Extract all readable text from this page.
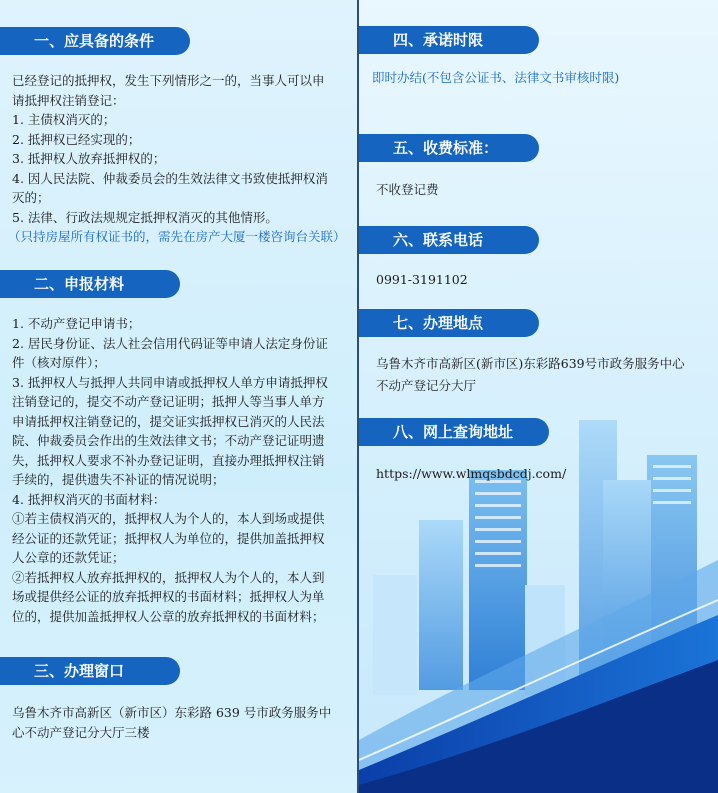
一、应具备的条件

已经登记的抵押权，发生下列情形之一的，当事人可以申

请抵押权注销登记：

1. 主债权消灭的；

2. 抵押权已经实现的；

3. 抵押权人放弃抵押权的；

4. 因人民法院、仲裁委员会的生效法律文书致使抵押权消

灭的；

5. 法律、行政法规规定抵押权消灭的其他情形。

（只持房屋所有权证书的，需先在房产大厦一楼咨询台关联）

二、申报材料

1. 不动产登记申请书；

2. 居民身份证、法人社会信用代码证等申请人法定身份证

件（核对原件）；

3. 抵押权人与抵押人共同申请或抵押权人单方申请抵押权

注销登记的，提交不动产登记证明；抵押人等当事人单方

申请抵押权注销登记的，提交证实抵押权已消灭的人民法

院、仲裁委员会作出的生效法律文书；不动产登记证明遗

失，抵押权人要求不补办登记证明，直接办理抵押权注销

手续的，提供遗失不补证的情况说明；

4. 抵押权消灭的书面材料：

①若主债权消灭的，抵押权人为个人的，本人到场或提供

经公证的还款凭证；抵押权人为单位的，提供加盖抵押权

人公章的还款凭证；

②若抵押权人放弃抵押权的，抵押权人为个人的，本人到

场或提供经公证的放弃抵押权的书面材料；抵押权人为单

位的，提供加盖抵押权人公章的放弃抵押权的书面材料；

三、办理窗口

乌鲁木齐市高新区（新市区）东彩路 639 号市政务服务中

心不动产登记分大厅三楼

四、承诺时限
即时办结(不包含公证书、法律文书审核时限)
五、收费标准：
不收登记费
六、联系电话
0991-3191102
七、办理地点

乌鲁木齐市高新区(新市区)东彩路639号市政务服务中心

不动产登记分大厅

八、网上查询地址
https://www.wlmqsbdcdj.com/
